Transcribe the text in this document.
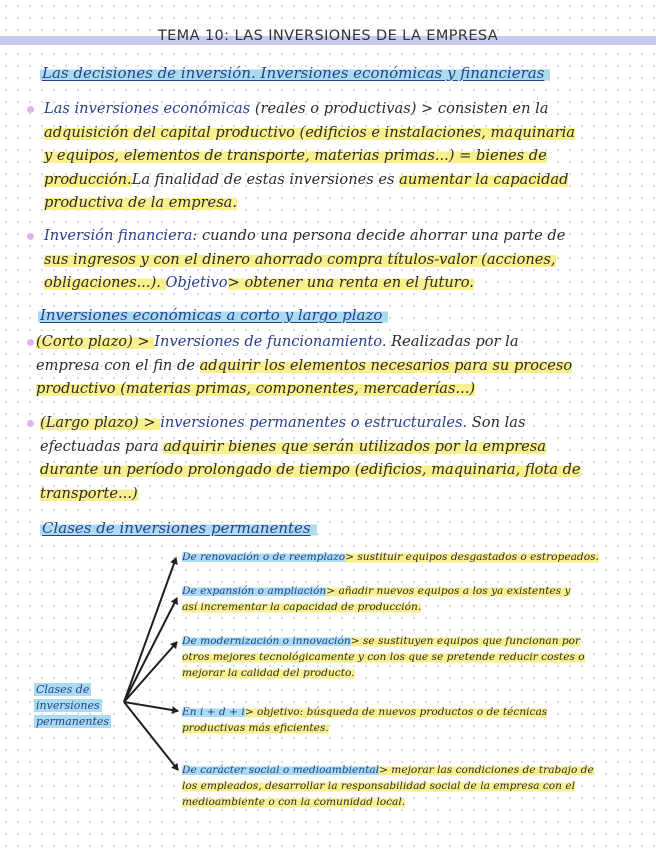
TEMA 10: LAS INVERSIONES DE LA EMPRESA
Las decisiones de inversión. Inversiones económicas y financieras
Las inversiones económicas (reales o productivas) > consisten en la
adquisición del capital productivo (edificios e instalaciones, maquinaria
y equipos, elementos de transporte, materias primas...) = bienes de
producción.La finalidad de estas inversiones es aumentar la capacidad
productiva de la empresa.
Inversión financiera: cuando una persona decide ahorrar una parte de
sus ingresos y con el dinero ahorrado compra títulos-valor (acciones,
obligaciones...). Objetivo> obtener una renta en el futuro.
Inversiones económicas a corto y largo plazo
(Corto plazo) > Inversiones de funcionamiento. Realizadas por la
empresa con el fin de adquirir los elementos necesarios para su proceso
productivo (materias primas, componentes, mercaderías...)
(Largo plazo) > inversiones permanentes o estructurales. Son las
efectuadas para adquirir bienes que serán utilizados por la empresa
durante un período prolongado de tiempo (edificios, maquinaria, flota de
transporte...)
Clases de inversiones permanentes
Clases de
inversiones
permanentes
De renovación o de reemplazo> sustituir equipos desgastados o estropeados.
De expansión o ampliación> añadir nuevos equipos a los ya existentes y
así incrementar la capacidad de producción.
De modernización o innovación> se sustituyen equipos que funcionan por
otros mejores tecnológicamente y con los que se pretende reducir costes o
mejorar la calidad del producto.
En i + d + i> objetivo: búsqueda de nuevos productos o de técnicas
productivas más eficientes.
De carácter social o medioambiental> mejorar las condiciones de trabajo de
los empleados, desarrollar la responsabilidad social de la empresa con el
medioambiente o con la comunidad local.
